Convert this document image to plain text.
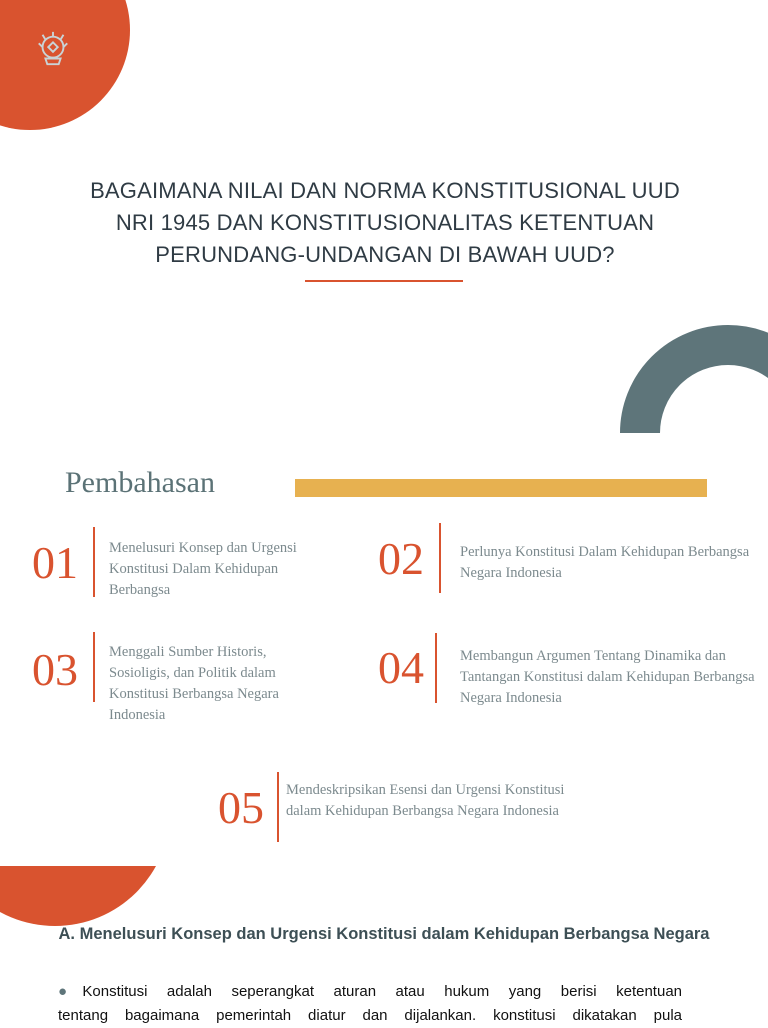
BAGAIMANA NILAI DAN NORMA KONSTITUSIONAL UUD
NRI 1945 DAN KONSTITUSIONALITAS KETENTUAN
PERUNDANG-UNDANGAN DI BAWAH UUD?
Pembahasan
01 Menelusuri Konsep dan Urgensi Konstitusi Dalam Kehidupan Berbangsa
02 Perlunya Konstitusi Dalam Kehidupan Berbangsa Negara Indonesia
03 Menggali Sumber Historis, Sosioligis, dan Politik dalam Konstitusi Berbangsa Negara Indonesia
04 Membangun Argumen Tentang Dinamika dan Tantangan Konstitusi dalam Kehidupan Berbangsa Negara Indonesia
05 Mendeskripsikan Esensi dan Urgensi Konstitusi dalam Kehidupan Berbangsa Negara Indonesia
A. Menelusuri Konsep dan Urgensi Konstitusi dalam Kehidupan Berbangsa Negara
●Konstitusi adalah seperangkat aturan atau hukum yang berisi ketentuan
tentang bagaimana pemerintah diatur dan dijalankan. konstitusi dikatakan pula
